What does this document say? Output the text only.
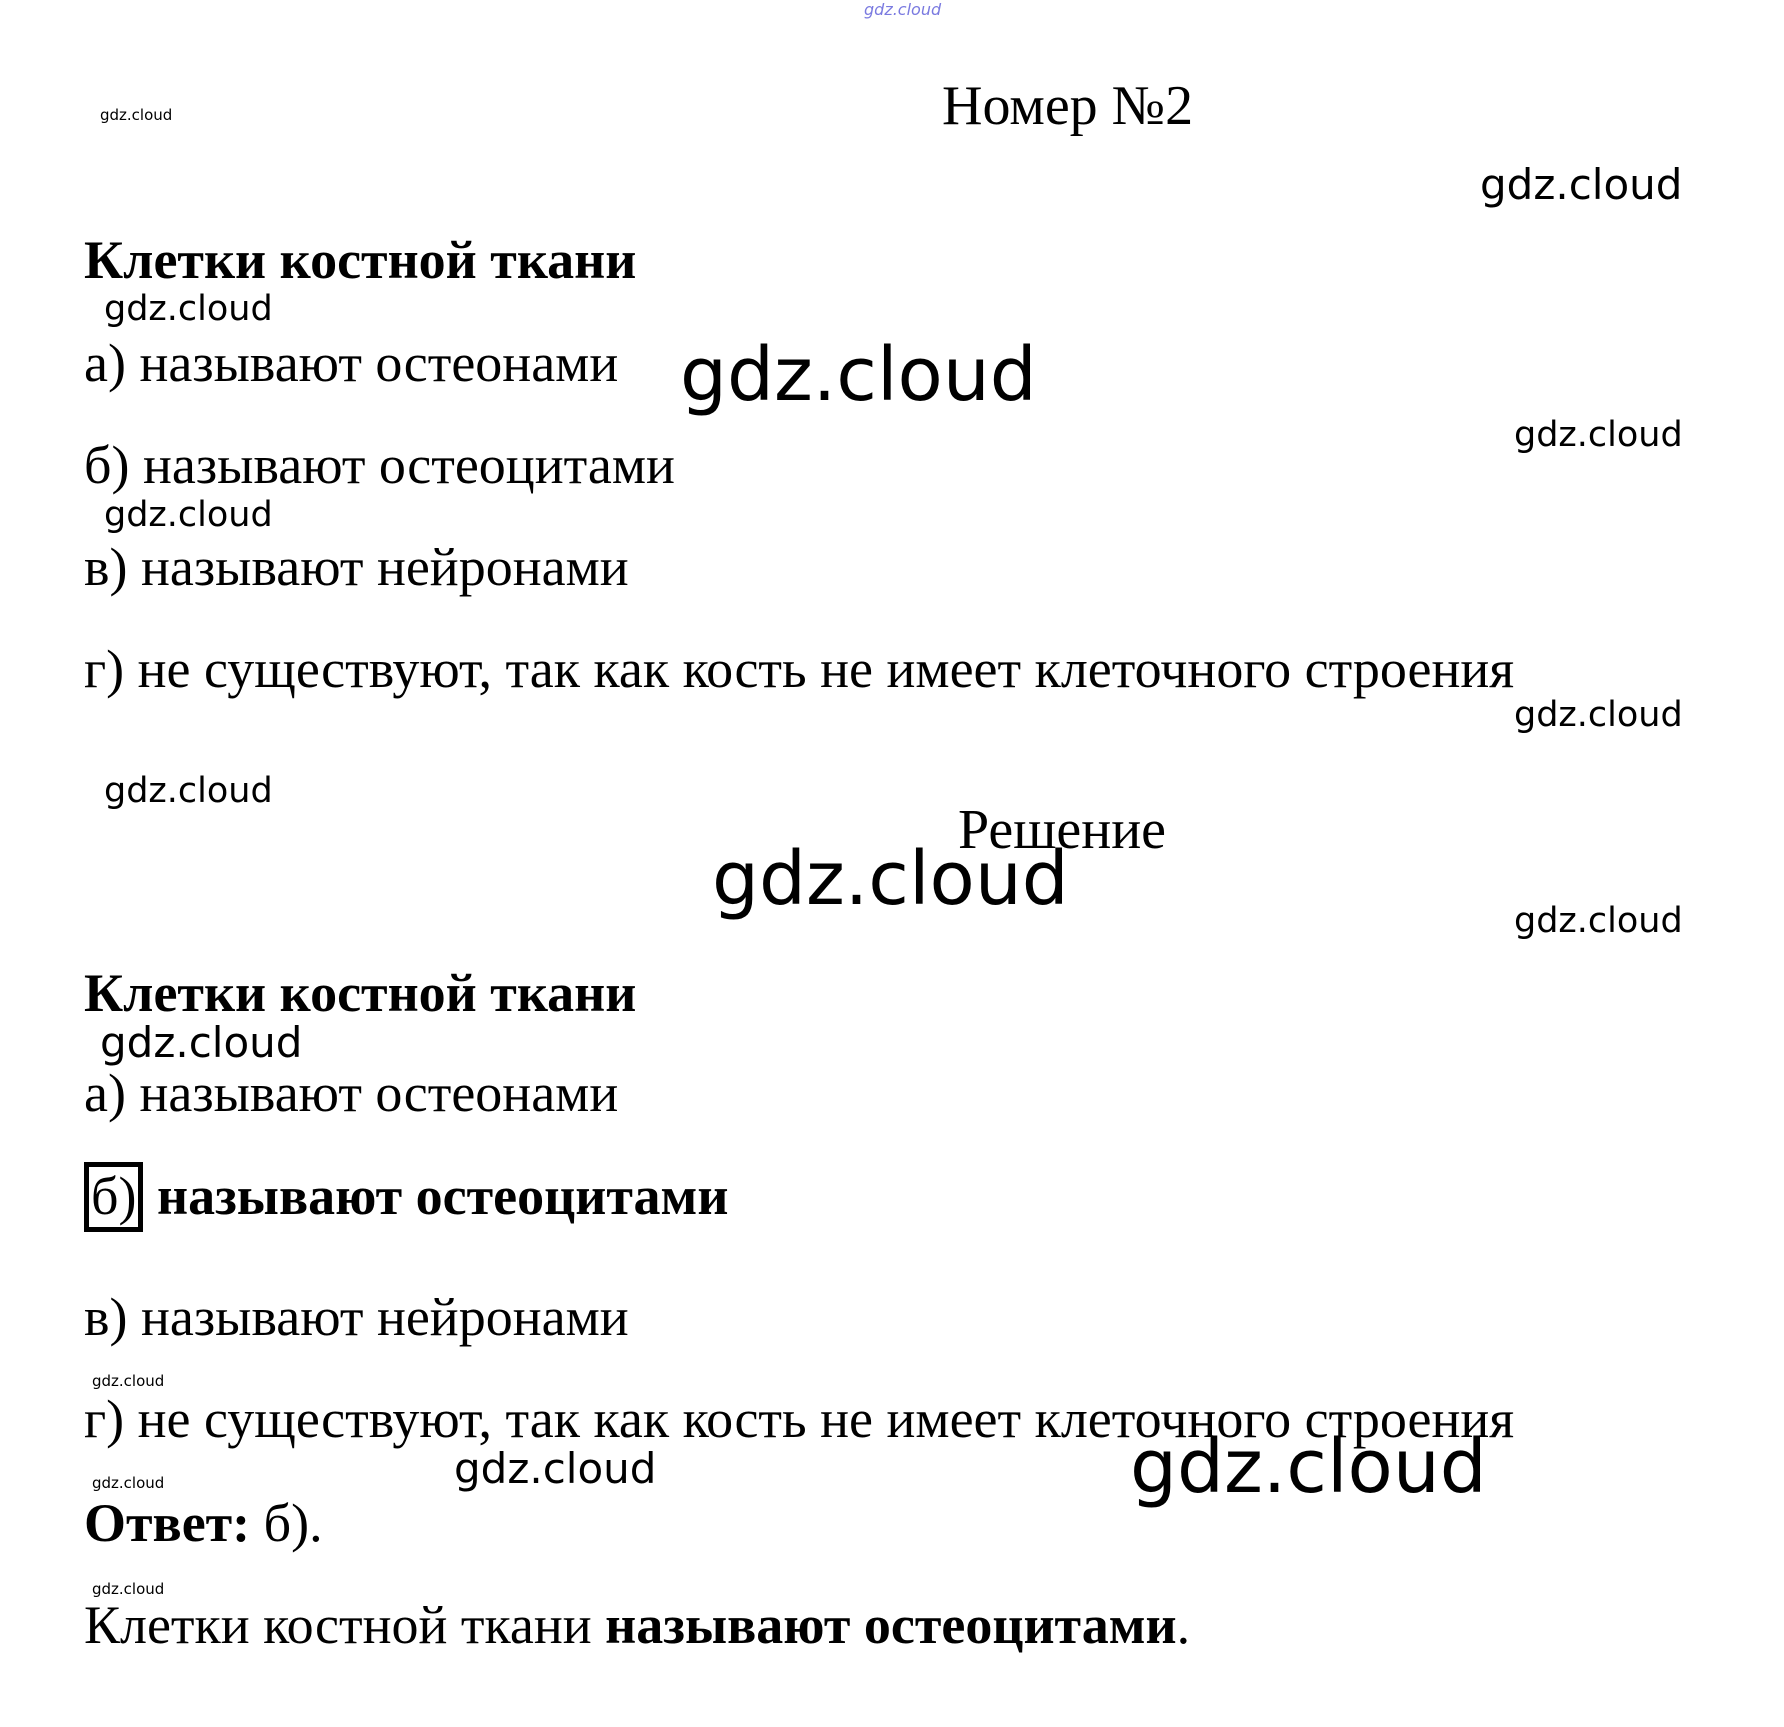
gdz.cloud
gdz.cloud
gdz.cloud
gdz.cloud
gdz.cloud
gdz.cloud
gdz.cloud
gdz.cloud
gdz.cloud
gdz.cloud	gdz.cloud
gdz.cloud
gdz.cloud
gdz.cloud	gdz.cloud	gdz.cloud
gdz.cloud
Номер №2
Клетки костной ткани
а) называют остеонами
б) называют остеоцитами
в) называют нейронами
г) не существуют, так как кость не имеет клеточного строения
Решение
Клетки костной ткани
а) называют остеонами
б) называют остеоцитами
в) называют нейронами
г) не существуют, так как кость не имеет клеточного строения
Ответ: б).
Клетки костной ткани называют остеоцитами.
